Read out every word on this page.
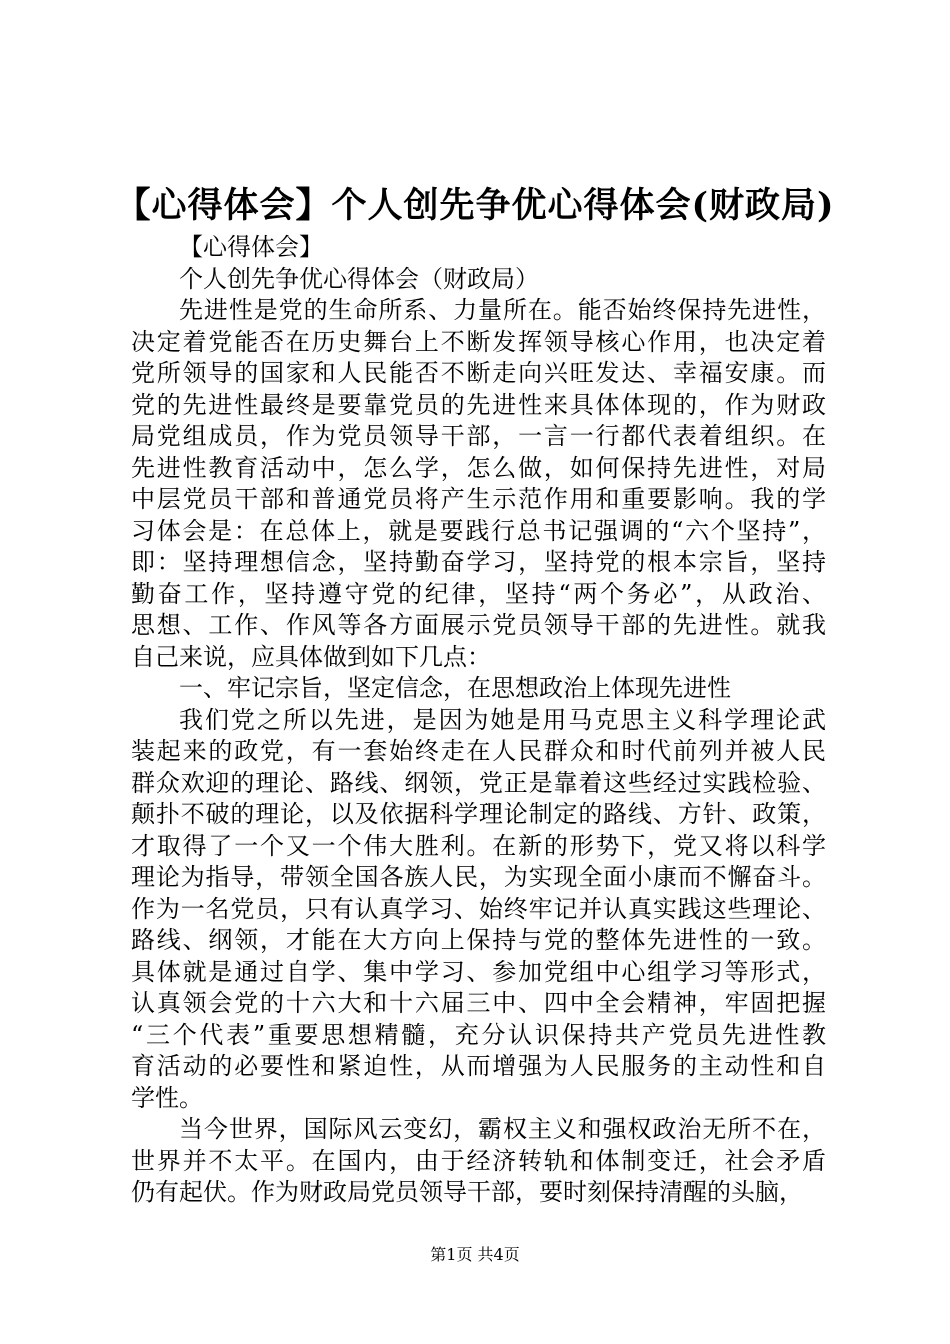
【心得体会】个人创先争优心得体会(财政局)
【心得体会】
个人创先争优心得体会（财政局）
先进性是党的生命所系、力量所在。能否始终保持先进性，
决定着党能否在历史舞台上不断发挥领导核心作用，也决定着
党所领导的国家和人民能否不断走向兴旺发达、幸福安康。而
党的先进性最终是要靠党员的先进性来具体体现的，作为财政
局党组成员，作为党员领导干部，一言一行都代表着组织。在
先进性教育活动中，怎么学，怎么做，如何保持先进性，对局
中层党员干部和普通党员将产生示范作用和重要影响。我的学
习体会是：在总体上，就是要践行总书记强调的“六个坚持”，
即：坚持理想信念，坚持勤奋学习，坚持党的根本宗旨，坚持
勤奋工作，坚持遵守党的纪律，坚持“两个务必”，从政治、
思想、工作、作风等各方面展示党员领导干部的先进性。就我
自己来说，应具体做到如下几点：
一、牢记宗旨，坚定信念，在思想政治上体现先进性
我们党之所以先进，是因为她是用马克思主义科学理论武
装起来的政党，有一套始终走在人民群众和时代前列并被人民
群众欢迎的理论、路线、纲领，党正是靠着这些经过实践检验、
颠扑不破的理论，以及依据科学理论制定的路线、方针、政策，
才取得了一个又一个伟大胜利。在新的形势下，党又将以科学
理论为指导，带领全国各族人民，为实现全面小康而不懈奋斗。
作为一名党员，只有认真学习、始终牢记并认真实践这些理论、
路线、纲领，才能在大方向上保持与党的整体先进性的一致。
具体就是通过自学、集中学习、参加党组中心组学习等形式，
认真领会党的十六大和十六届三中、四中全会精神，牢固把握
“三个代表”重要思想精髓，充分认识保持共产党员先进性教
育活动的必要性和紧迫性，从而增强为人民服务的主动性和自
学性。
当今世界，国际风云变幻，霸权主义和强权政治无所不在，
世界并不太平。在国内，由于经济转轨和体制变迁，社会矛盾
仍有起伏。作为财政局党员领导干部，要时刻保持清醒的头脑，
第1页 共4页
